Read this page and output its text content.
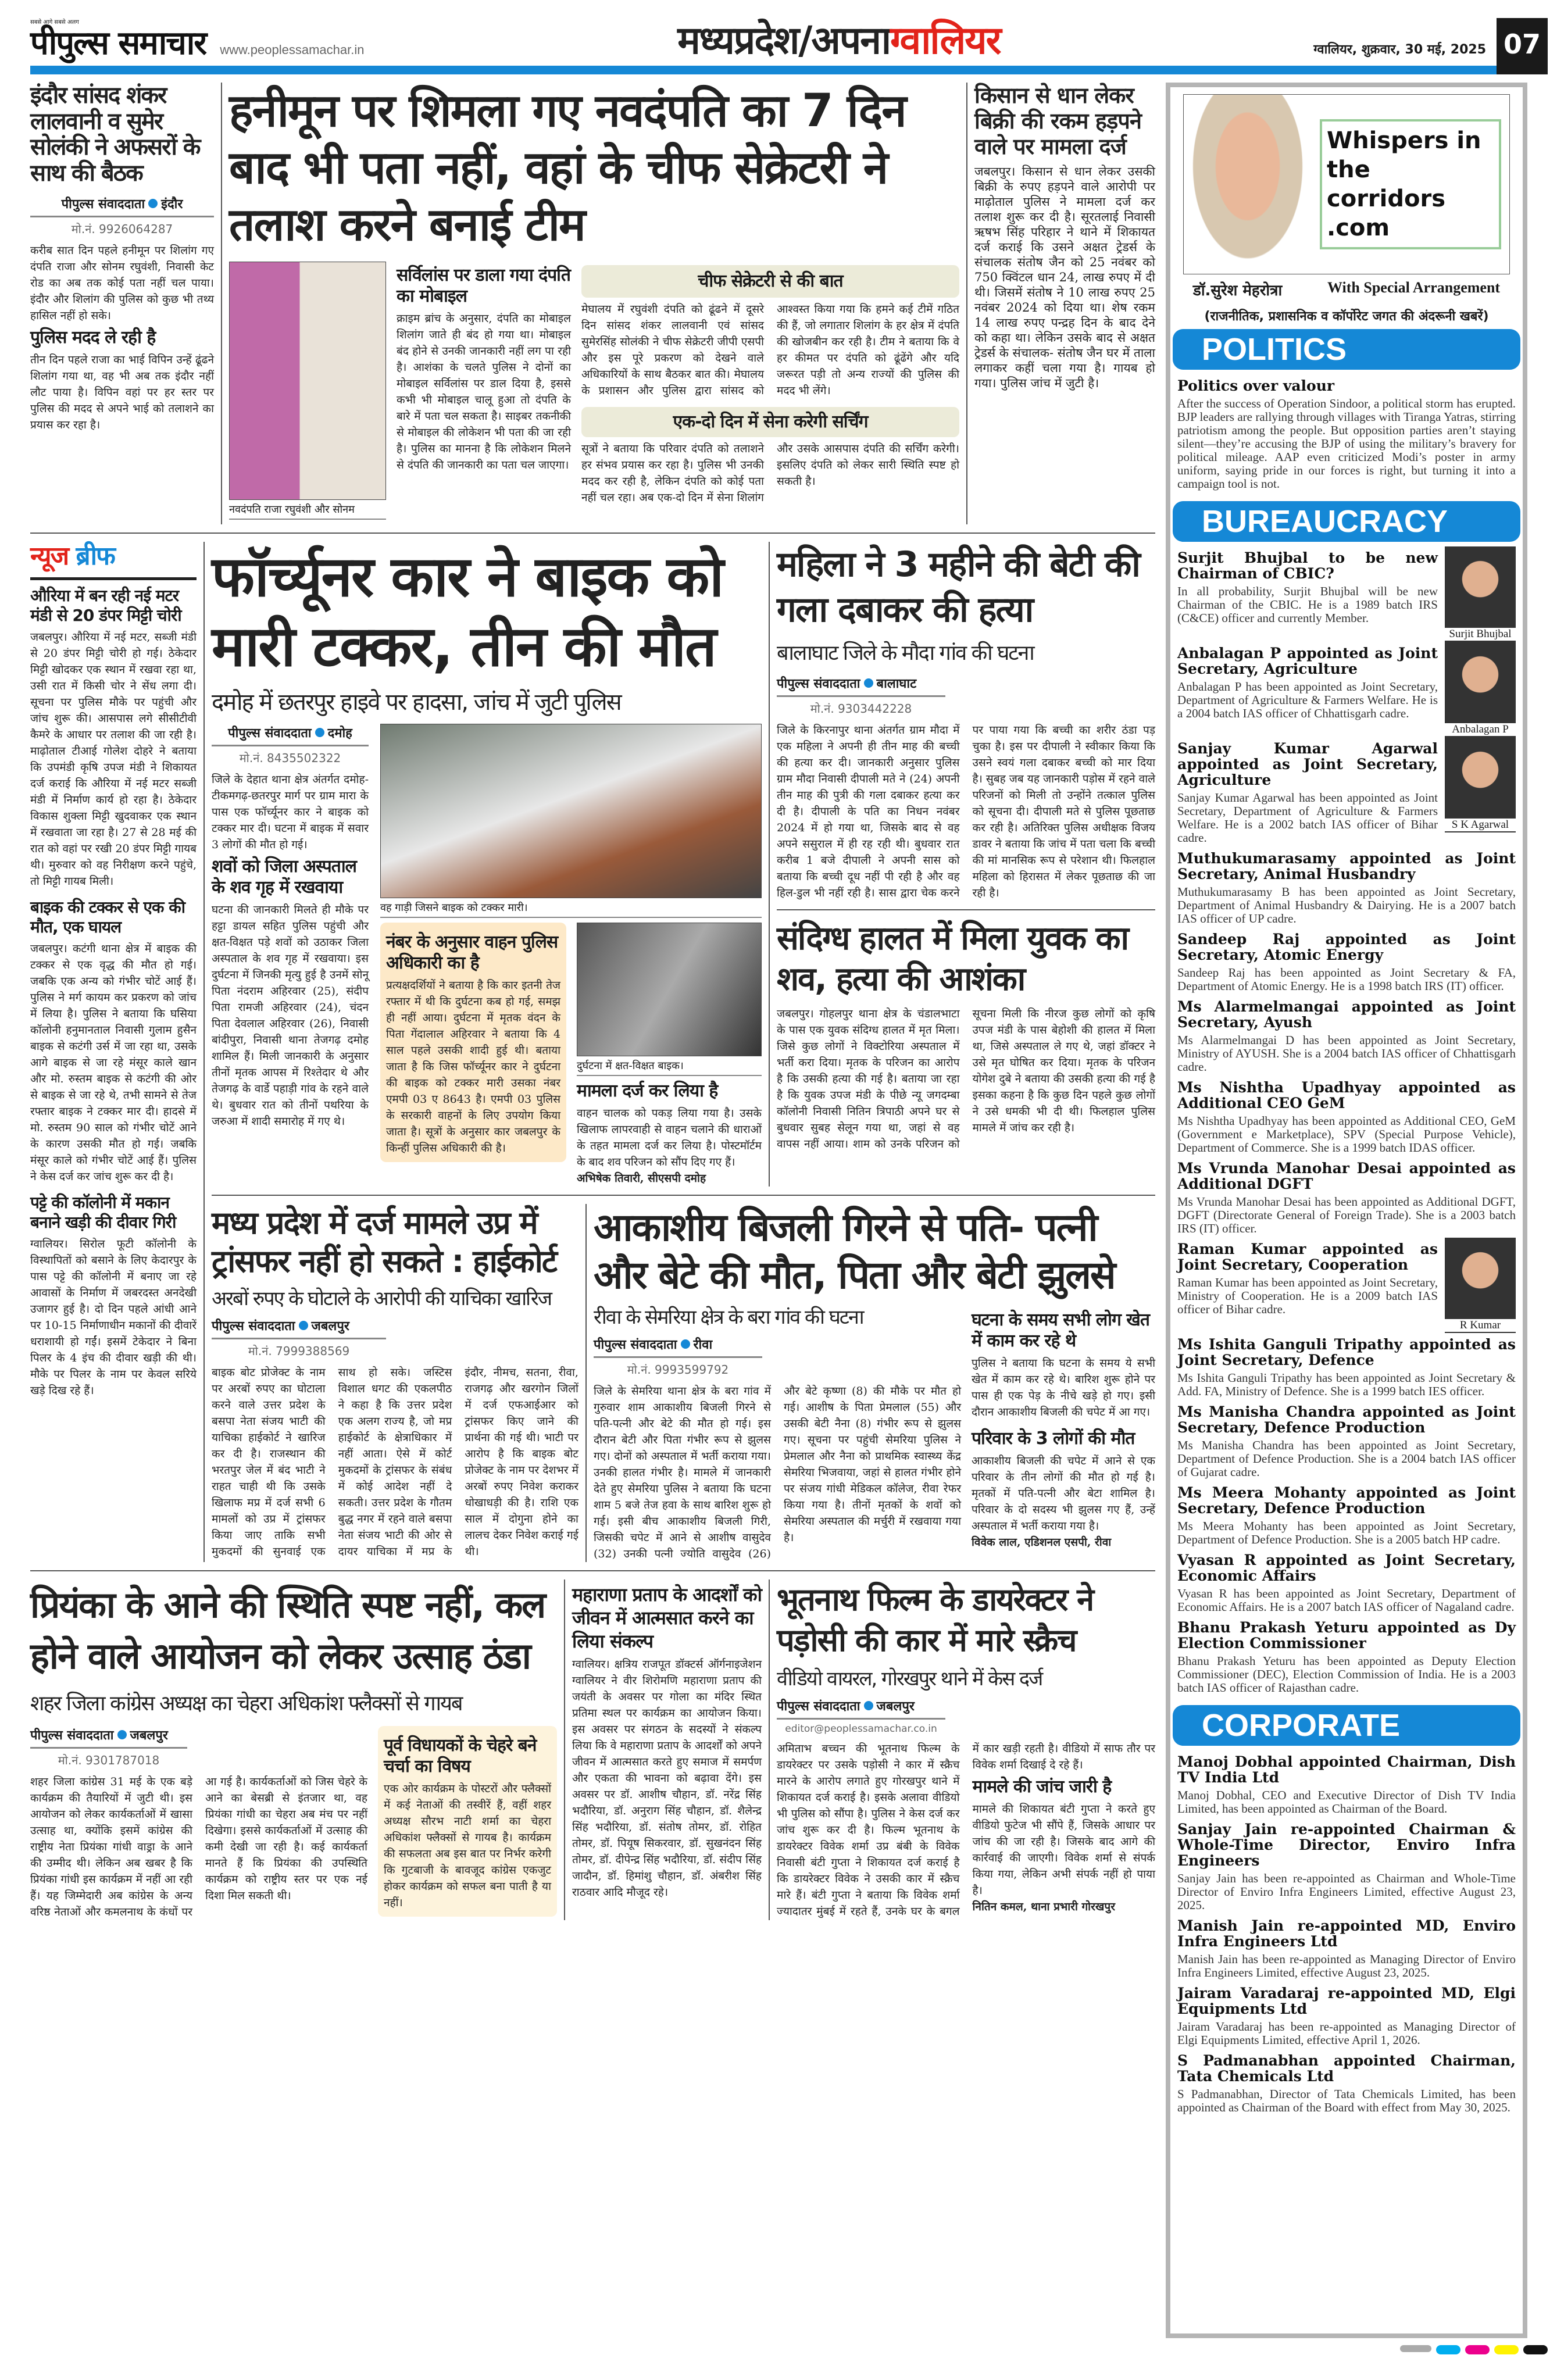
सबसे आगे सबसे अलग
पीपुल्स समाचार www.peoplessamachar.in	मध्यप्रदेश/अपनाग्वालियर	ग्वालियर, शुक्रवार, 30 मई, 2025 07
इंदौर सांसद शंकर लालवानी व सुमेर सोलंकी ने अफसरों के साथ की बैठक
पीपुल्स संवाददाता इंदौर
मो.नं. 9926064287

करीब सात दिन पहले हनीमून पर शिलांग गए दंपति राजा और सोनम रघुवंशी, निवासी केट रोड का अब तक कोई पता नहीं चल पाया। इंदौर और शिलांग की पुलिस को कुछ भी तथ्य हासिल नहीं हो सके।

पुलिस मदद ले रही है

तीन दिन पहले राजा का भाई विपिन उन्हें ढूंढने शिलांग गया था, वह भी अब तक इंदौर नहीं लौट पाया है। विपिन वहां पर हर स्तर पर पुलिस की मदद से अपने भाई को तलाशने का प्रयास कर रहा है।

हनीमून पर शिमला गए नवदंपति का 7 दिन बाद भी पता नहीं, वहां के चीफ सेक्रेटरी ने तलाश करने बनाई टीम
नवदंपति राजा रघुवंशी और सोनम
सर्विलांस पर डाला गया दंपति का मोबाइल

क्राइम ब्रांच के अनुसार, दंपति का मोबाइल शिलांग जाते ही बंद हो गया था। मोबाइल बंद होने से उनकी जानकारी नहीं लग पा रही है। आशंका के चलते पुलिस ने दोनों का मोबाइल सर्विलांस पर डाल दिया है, इससे कभी भी मोबाइल चालू हुआ तो दंपति के बारे में पता चल सकता है। साइबर तकनीकी से मोबाइल की लोकेशन भी पता की जा रही है। पुलिस का मानना है कि लोकेशन मिलने से दंपति की जानकारी का पता चल जाएगा।

चीफ सेक्रेटरी से की बात

मेघालय में रघुवंशी दंपति को ढूंढने में दूसरे दिन सांसद शंकर लालवानी एवं सांसद सुमेरसिंह सोलंकी ने चीफ सेक्रेटरी जीपी एसपी और इस पूरे प्रकरण को देखने वाले अधिकारियों के साथ बैठकर बात की। मेघालय के प्रशासन और पुलिस द्वारा सांसद को आश्वस्त किया गया कि हमने कई टीमें गठित की हैं, जो लगातार शिलांग के हर क्षेत्र में दंपति की खोजबीन कर रही है। टीम ने बताया कि वे हर कीमत पर दंपति को ढूंढेंगे और यदि जरूरत पड़ी तो अन्य राज्यों की पुलिस की मदद भी लेंगे।

एक-दो दिन में सेना करेगी सर्चिंग

सूत्रों ने बताया कि परिवार दंपति को तलाशने हर संभव प्रयास कर रहा है। पुलिस भी उनकी मदद कर रही है, लेकिन दंपति को कोई पता नहीं चल रहा। अब एक-दो दिन में सेना शिलांग और उसके आसपास दंपति की सर्चिंग करेगी। इसलिए दंपति को लेकर सारी स्थिति स्पष्ट हो सकती है।

किसान से धान लेकर बिक्री की रकम हड़पने वाले पर मामला दर्ज

जबलपुर। किसान से धान लेकर उसकी बिक्री के रुपए हड़पने वाले आरोपी पर माढ़ोताल पुलिस ने मामला दर्ज कर तलाश शुरू कर दी है। सूरतलाई निवासी ऋषभ सिंह परिहार ने थाने में शिकायत दर्ज कराई कि उसने अक्षत ट्रेडर्स के संचालक संतोष जैन को 25 नवंबर को 750 क्विंटल धान 24, लाख रुपए में दी थी। जिसमें संतोष ने 10 लाख रुपए 25 नवंबर 2024 को दिया था। शेष रकम 14 लाख रुपए पन्द्रह दिन के बाद देने को कहा था। लेकिन उसके बाद से अक्षत ट्रेडर्स के संचालक- संतोष जैन घर में ताला लगाकर कहीं चला गया है। गायब हो गया। पुलिस जांच में जुटी है।

न्यूज ब्रीफ
औरिया में बन रही नई मटर मंडी से 20 डंपर मिट्टी चोरी

जबलपुर। औरिया में नई मटर, सब्जी मंडी से 20 डंपर मिट्टी चोरी हो गई। ठेकेदार मिट्टी खोदकर एक स्थान में रखवा रहा था, उसी रात में किसी चोर ने सेंध लगा दी। सूचना पर पुलिस मौके पर पहुंची और जांच शुरू की। आसपास लगे सीसीटीवी कैमरे के आधार पर तलाश की जा रही है। माढ़ोताल टीआई गोलेश दोहरे ने बताया कि उपमंडी कृषि उपज मंडी ने शिकायत दर्ज कराई कि औरिया में नई मटर सब्जी मंडी में निर्माण कार्य हो रहा है। ठेकेदार विकास शुक्ला मिट्टी खुदवाकर एक स्थान में रखवाता जा रहा है। 27 से 28 मई की रात को वहां पर रखी 20 डंपर मिट्टी गायब थी। मुरुवार को वह निरीक्षण करने पहुंचे, तो मिट्टी गायब मिली।

बाइक की टक्कर से एक की मौत, एक घायल

जबलपुर। कटंगी थाना क्षेत्र में बाइक की टक्कर से एक वृद्ध की मौत हो गई। जबकि एक अन्य को गंभीर चोटें आई हैं। पुलिस ने मर्ग कायम कर प्रकरण को जांच में लिया है। पुलिस ने बताया कि घसिया कॉलोनी हनुमानताल निवासी गुलाम हुसैन बाइक से कटंगी उर्स में जा रहा था, उसके आगे बाइक से जा रहे मंसूर काले खान और मो. रुस्तम बाइक से कटंगी की ओर से बाइक से जा रहे थे, तभी सामने से तेज रफ्तार बाइक ने टक्कर मार दी। हादसे में मो. रुस्तम 90 साल को गंभीर चोटें आने के कारण उसकी मौत हो गई। जबकि मंसूर काले को गंभीर चोटें आई हैं। पुलिस ने केस दर्ज कर जांच शुरू कर दी है।

पट्टे की कॉलोनी में मकान बनाने खड़ी की दीवार गिरी

ग्वालियर। सिरोल फूटी कॉलोनी के विस्थापितों को बसाने के लिए केदारपुर के पास पट्टे की कॉलोनी में बनाए जा रहे आवासों के निर्माण में जबरदस्त अनदेखी उजागर हुई है। दो दिन पहले आंधी आने पर 10-15 निर्माणाधीन मकानों की दीवारें धराशायी हो गईं। इसमें टेकेदार ने बिना पिलर के 4 इंच की दीवार खड़ी की थी। मौके पर पिलर के नाम पर केवल सरिये खड़े दिख रहे हैं।

फॉर्च्यूनर कार ने बाइक को मारी टक्कर, तीन की मौत
दमोह में छतरपुर हाइवे पर हादसा, जांच में जुटी पुलिस
पीपुल्स संवाददाता दमोह
मो.नं. 8435502322

जिले के देहात थाना क्षेत्र अंतर्गत दमोह- टीकमगढ़-छतरपुर मार्ग पर ग्राम मारा के पास एक फॉर्च्यूनर कार ने बाइक को टक्कर मार दी। घटना में बाइक में सवार 3 लोगों की मौत हो गई।

शवों को जिला अस्पताल के शव गृह में रखवाया

घटना की जानकारी मिलते ही मौके पर हट्टा डायल सहित पुलिस पहुंची और क्षत-विक्षत पड़े शवों को उठाकर जिला अस्पताल के शव गृह में रखवाया। इस दुर्घटना में जिनकी मृत्यु हुई है उनमें सोनू पिता नंदराम अहिरवार (25), संदीप पिता रामजी अहिरवार (24), चंदन पिता देवलाल अहिरवार (26), निवासी बांदीपुरा, निवासी थाना तेजगढ़ दमोह शामिल हैं। मिली जानकारी के अनुसार तीनों मृतक आपस में रिश्तेदार थे और तेजगढ़ के वार्डे पहाड़ी गांव के रहने वाले थे। बुधवार रात को तीनों पथरिया के जरुआ में शादी समारोह में गए थे।

वह गाड़ी जिसने बाइक को टक्कर मारी।
नंबर के अनुसार वाहन पुलिस अधिकारी का है

प्रत्यक्षदर्शियों ने बताया है कि कार इतनी तेज रफ्तार में थी कि दुर्घटना कब हो गई, समझ ही नहीं आया। दुर्घटना में मृतक वंदन के पिता गेंदालाल अहिरवार ने बताया कि 4 साल पहले उसकी शादी हुई थी। बताया जाता है कि जिस फॉर्च्यूनर कार ने दुर्घटना की बाइक को टक्कर मारी उसका नंबर एमपी 03 ए 8643 है। एमपी 03 पुलिस के सरकारी वाहनों के लिए उपयोग किया जाता है। सूत्रों के अनुसार कार जबलपुर के किन्हीं पुलिस अधिकारी की है।

दुर्घटना में क्षत-विक्षत बाइक।
मामला दर्ज कर लिया है

वाहन चालक को पकड़ लिया गया है। उसके खिलाफ लापरवाही से वाहन चलाने की धाराओं के तहत मामला दर्ज कर लिया है। पोस्टमॉर्टम के बाद शव परिजन को सौंप दिए गए हैं।

अभिषेक तिवारी, सीएसपी दमोह

महिला ने 3 महीने की बेटी की गला दबाकर की हत्या
बालाघाट जिले के मौदा गांव की घटना
पीपुल्स संवाददाता बालाघाट
मो.नं. 9303442228

जिले के किरनापुर थाना अंतर्गत ग्राम मौदा में एक महिला ने अपनी ही तीन माह की बच्ची की हत्या कर दी। जानकारी अनुसार पुलिस ग्राम मौदा निवासी दीपाली मते ने (24) अपनी तीन माह की पुत्री की गला दबाकर हत्या कर दी है। दीपाली के पति का निधन नवंबर 2024 में हो गया था, जिसके बाद से वह अपने ससुराल में ही रह रही थी। बुधवार रात करीब 1 बजे दीपाली ने अपनी सास को बताया कि बच्ची दूध नहीं पी रही है और वह हिल-डुल भी नहीं रही है। सास द्वारा चेक करने पर पाया गया कि बच्ची का शरीर ठंडा पड़ चुका है। इस पर दीपाली ने स्वीकार किया कि उसने स्वयं गला दबाकर बच्ची को मार दिया है। सुबह जब यह जानकारी पड़ोस में रहने वाले परिजनों को मिली तो उन्होंने तत्काल पुलिस को सूचना दी। दीपाली मते से पुलिस पूछताछ कर रही है। अतिरिक्त पुलिस अधीक्षक विजय डावर ने बताया कि जांच में पता चला कि बच्ची की मां मानसिक रूप से परेशान थी। फिलहाल महिला को हिरासत में लेकर पूछताछ की जा रही है।

संदिग्ध हालत में मिला युवक का शव, हत्या की आशंका

जबलपुर। गोहलपुर थाना क्षेत्र के चंडालभाटा के पास एक युवक संदिग्ध हालत में मृत मिला। जिसे कुछ लोगों ने विक्टोरिया अस्पताल में भर्ती करा दिया। मृतक के परिजन का आरोप है कि उसकी हत्या की गई है। बताया जा रहा है कि युवक उपज मंडी के पीछे न्यू जगदम्बा कॉलोनी निवासी नितिन त्रिपाठी अपने घर से बुधवार सुबह सेलून गया था, जहां से वह वापस नहीं आया। शाम को उनके परिजन को सूचना मिली कि नीरज कुछ लोगों को कृषि उपज मंडी के पास बेहोशी की हालत में मिला था, जिसे अस्पताल ले गए थे, जहां डॉक्टर ने उसे मृत घोषित कर दिया। मृतक के परिजन योगेश दुबे ने बताया की उसकी हत्या की गई है इसका कहना है कि कुछ दिन पहले कुछ लोगों ने उसे धमकी भी दी थी। फिलहाल पुलिस मामले में जांच कर रही है।

मध्य प्रदेश में दर्ज मामले उप्र में ट्रांसफर नहीं हो सकते : हाईकोर्ट
अरबों रुपए के घोटाले के आरोपी की याचिका खारिज
पीपुल्स संवाददाता जबलपुर
मो.नं. 7999388569

बाइक बोट प्रोजेक्ट के नाम पर अरबों रुपए का घोटाला करने वाले उत्तर प्रदेश के बसपा नेता संजय भाटी की याचिका हाईकोर्ट ने खारिज कर दी है। राजस्थान की भरतपुर जेल में बंद भाटी ने राहत चाही थी कि उसके खिलाफ मप्र में दर्ज सभी 6 मामलों को उप्र में ट्रांसफर किया जाए ताकि सभी मुकदमों की सुनवाई एक साथ हो सके। जस्टिस विशाल धगट की एकलपीठ ने कहा है कि उत्तर प्रदेश एक अलग राज्य है, जो मप्र हाईकोर्ट के क्षेत्राधिकार में नहीं आता। ऐसे में कोर्ट मुकदमों के ट्रांसफर के संबंध में कोई आदेश नहीं दे सकती। उत्तर प्रदेश के गौतम बुद्ध नगर में रहने वाले बसपा नेता संजय भाटी की ओर से दायर याचिका में मप्र के इंदौर, नीमच, सतना, रीवा, राजगढ़ और खरगोन जिलों में दर्ज एफआईआर को ट्रांसफर किए जाने की प्रार्थना की गई थी। भाटी पर आरोप है कि बाइक बोट प्रोजेक्ट के नाम पर देशभर में अरबों रुपए निवेश कराकर धोखाधड़ी की है। राशि एक साल में दोगुना होने का लालच देकर निवेश कराई गई थी।

आकाशीय बिजली गिरने से पति- पत्नी और बेटे की मौत, पिता और बेटी झुलसे
रीवा के सेमरिया क्षेत्र के बरा गांव की घटना
पीपुल्स संवाददाता रीवा
मो.नं. 9993599792

जिले के सेमरिया थाना क्षेत्र के बरा गांव में गुरुवार शाम आकाशीय बिजली गिरने से पति-पत्नी और बेटे की मौत हो गई। इस दौरान बेटी और पिता गंभीर रूप से झुलस गए। दोनों को अस्पताल में भर्ती कराया गया। उनकी हालत गंभीर है। मामले में जानकारी देते हुए सेमरिया पुलिस ने बताया कि घटना शाम 5 बजे तेज हवा के साथ बारिश शुरू हो गई। इसी बीच आकाशीय बिजली गिरी, जिसकी चपेट में आने से आशीष वासुदेव (32) उनकी पत्नी ज्योति वासुदेव (26) और बेटे कृष्णा (8) की मौके पर मौत हो गई। आशीष के पिता प्रेमलाल (55) और उसकी बेटी नैना (8) गंभीर रूप से झुलस गए। सूचना पर पहुंची सेमरिया पुलिस ने प्रेमलाल और नैना को प्राथमिक स्वास्थ्य केंद्र सेमरिया भिजवाया, जहां से हालत गंभीर होने पर संजय गांधी मेडिकल कॉलेज, रीवा रेफर किया गया है। तीनों मृतकों के शवों को सेमरिया अस्पताल की मर्चुरी में रखवाया गया है।

घटना के समय सभी लोग खेत में काम कर रहे थे

पुलिस ने बताया कि घटना के समय ये सभी खेत में काम कर रहे थे। बारिश शुरू होने पर पास ही एक पेड़ के नीचे खड़े हो गए। इसी दौरान आकाशीय बिजली की चपेट में आ गए।

परिवार के 3 लोगों की मौत

आकाशीय बिजली की चपेट में आने से एक परिवार के तीन लोगों की मौत हो गई है। मृतकों में पति-पत्नी और बेटा शामिल है। परिवार के दो सदस्य भी झुलस गए हैं, उन्हें अस्पताल में भर्ती कराया गया है।

विवेक लाल, एडिशनल एसपी, रीवा

प्रियंका के आने की स्थिति स्पष्ट नहीं, कल होने वाले आयोजन को लेकर उत्साह ठंडा
शहर जिला कांग्रेस अध्यक्ष का चेहरा अधिकांश फ्लैक्सों से गायब
पीपुल्स संवाददाता जबलपुर
मो.नं. 9301787018

शहर जिला कांग्रेस 31 मई के एक बड़े कार्यक्रम की तैयारियों में जुटी थी। इस आयोजन को लेकर कार्यकर्ताओं में खासा उत्साह था, क्योंकि इसमें कांग्रेस की राष्ट्रीय नेता प्रियंका गांधी वाड्रा के आने की उम्मीद थी। लेकिन अब खबर है कि प्रियंका गांधी इस कार्यक्रम में नहीं आ रही हैं। यह जिम्मेदारी अब कांग्रेस के अन्य वरिष्ठ नेताओं और कमलनाथ के कंधों पर आ गई है। कार्यकर्ताओं को जिस चेहरे के आने का बेसब्री से इंतजार था, वह प्रियंका गांधी का चेहरा अब मंच पर नहीं दिखेगा। इससे कार्यकर्ताओं में उत्साह की कमी देखी जा रही है। कई कार्यकर्ता मानते हैं कि प्रियंका की उपस्थिति कार्यक्रम को राष्ट्रीय स्तर पर एक नई दिशा मिल सकती थी।

पूर्व विधायकों के चेहरे बने चर्चा का विषय

एक ओर कार्यक्रम के पोस्टरों और फ्लैक्सों में कई नेताओं की तस्वीरें हैं, वहीं शहर अध्यक्ष सौरभ नाटी शर्मा का चेहरा अधिकांश फ्लैक्सों से गायब है। कार्यक्रम की सफलता अब इस बात पर निर्भर करेगी कि गुटबाजी के बावजूद कांग्रेस एकजुट होकर कार्यक्रम को सफल बना पाती है या नहीं।

महाराणा प्रताप के आदर्शों को जीवन में आत्मसात करने का लिया संकल्प

ग्वालियर। क्षत्रिय राजपूत डॉक्टर्स ऑर्गनाइजेशन ग्वालियर ने वीर शिरोमणि महाराणा प्रताप की जयंती के अवसर पर गोला का मंदिर स्थित प्रतिमा स्थल पर कार्यक्रम का आयोजन किया। इस अवसर पर संगठन के सदस्यों ने संकल्प लिया कि वे महाराणा प्रताप के आदर्शों को अपने जीवन में आत्मसात करते हुए समाज में समर्पण और एकता की भावना को बढ़ावा देंगे। इस अवसर पर डॉ. आशीष चौहान, डॉ. नरेंद्र सिंह भदौरिया, डॉ. अनुराग सिंह चौहान, डॉ. शैलेन्द्र सिंह भदौरिया, डॉ. संतोष तोमर, डॉ. रोहित तोमर, डॉ. पियूष सिकरवार, डॉ. सुखनंदन सिंह तोमर, डॉ. दीपेन्द्र सिंह भदौरिया, डॉ. संदीप सिंह जादौन, डॉ. हिमांशु चौहान, डॉ. अंबरीश सिंह राठवार आदि मौजूद रहे।

भूतनाथ फिल्म के डायरेक्टर ने पड़ोसी की कार में मारे स्क्रैच
वीडियो वायरल, गोरखपुर थाने में केस दर्ज
पीपुल्स संवाददाता जबलपुर
editor@peoplessamachar.co.in

अमिताभ बच्चन की भूतनाथ फिल्म के डायरेक्टर पर उसके पड़ोसी ने कार में स्क्रैच मारने के आरोप लगाते हुए गोरखपुर थाने में शिकायत दर्ज कराई है। इसके अलावा वीडियो भी पुलिस को सौंपा है। पुलिस ने केस दर्ज कर जांच शुरू कर दी है। फिल्म भूतनाथ के डायरेक्टर विवेक शर्मा उप्र बंबी के विवेक निवासी बंटी गुप्ता ने शिकायत दर्ज कराई है कि डायरेक्टर विवेक ने उसकी कार में स्क्रैच मारे हैं। बंटी गुप्ता ने बताया कि विवेक शर्मा ज्यादातर मुंबई में रहते हैं, उनके घर के बगल में कार खड़ी रहती है। वीडियो में साफ तौर पर विवेक शर्मा दिखाई दे रहे हैं।

मामले की जांच जारी है

मामले की शिकायत बंटी गुप्ता ने करते हुए वीडियो फुटेज भी सौंपे हैं, जिसके आधार पर जांच की जा रही है। जिसके बाद आगे की कार्रवाई की जाएगी। विवेक शर्मा से संपर्क किया गया, लेकिन अभी संपर्क नहीं हो पाया है।

नितिन कमल, थाना प्रभारी गोरखपुर

Whispers in the corridors .com
डॉ.सुरेश मेहरोत्रा	With Special Arrangement
(राजनीतिक, प्रशासनिक व कॉर्पोरेट जगत की अंदरूनी खबरें)
POLITICS
Politics over valour
After the success of Operation Sindoor, a political storm has erupted. BJP leaders are rallying through villages with Tiranga Yatras, stirring patriotism among the people. But opposition parties aren’t staying silent—they’re accusing the BJP of using the military’s bravery for political mileage. AAP even criticized Modi’s poster in army uniform, saying pride in our forces is right, but turning it into a campaign tool is not.
BUREAUCRACY
Surjit Bhujbal
Surjit Bhujbal to be new Chairman of CBIC?
In all probability, Surjit Bhujbal will be new Chairman of the CBIC. He is a 1989 batch IRS (C&CE) officer and currently Member.
Anbalagan P
Anbalagan P appointed as Joint Secretary, Agriculture
Anbalagan P has been appointed as Joint Secretary, Department of Agriculture & Farmers Welfare. He is a 2004 batch IAS officer of Chhattisgarh cadre.
S K Agarwal
Sanjay Kumar Agarwal appointed as Joint Secretary, Agriculture
Sanjay Kumar Agarwal has been appointed as Joint Secretary, Department of Agriculture & Farmers Welfare. He is a 2002 batch IAS officer of Bihar cadre.
Muthukumarasamy appointed as Joint Secretary, Animal Husbandry
Muthukumarasamy B has been appointed as Joint Secretary, Department of Animal Husbandry & Dairying. He is a 2007 batch IAS officer of UP cadre.
Sandeep Raj appointed as Joint Secretary, Atomic Energy
Sandeep Raj has been appointed as Joint Secretary & FA, Department of Atomic Energy. He is a 1998 batch IRS (IT) officer.
Ms Alarmelmangai appointed as Joint Secretary, Ayush
Ms Alarmelmangai D has been appointed as Joint Secretary, Ministry of AYUSH. She is a 2004 batch IAS officer of Chhattisgarh cadre.
Ms Nishtha Upadhyay appointed as Additional CEO GeM
Ms Nishtha Upadhyay has been appointed as Additional CEO, GeM (Government e Marketplace), SPV (Special Purpose Vehicle), Department of Commerce. She is a 1999 batch IDAS officer.
Ms Vrunda Manohar Desai appointed as Additional DGFT
Ms Vrunda Manohar Desai has been appointed as Additional DGFT, DGFT (Directorate General of Foreign Trade). She is a 2003 batch IRS (IT) officer.
R Kumar
Raman Kumar appointed as Joint Secretary, Cooperation
Raman Kumar has been appointed as Joint Secretary, Ministry of Cooperation. He is a 2009 batch IAS officer of Bihar cadre.
Ms Ishita Ganguli Tripathy appointed as Joint Secretary, Defence
Ms Ishita Ganguli Tripathy has been appointed as Joint Secretary & Add. FA, Ministry of Defence. She is a 1999 batch IES officer.
Ms Manisha Chandra appointed as Joint Secretary, Defence Production
Ms Manisha Chandra has been appointed as Joint Secretary, Department of Defence Production. She is a 2004 batch IAS officer of Gujarat cadre.
Ms Meera Mohanty appointed as Joint Secretary, Defence Production
Ms Meera Mohanty has been appointed as Joint Secretary, Department of Defence Production. She is a 2005 batch HP cadre.
Vyasan R appointed as Joint Secretary, Economic Affairs
Vyasan R has been appointed as Joint Secretary, Department of Economic Affairs. He is a 2007 batch IAS officer of Nagaland cadre.
Bhanu Prakash Yeturu appointed as Dy Election Commissioner
Bhanu Prakash Yeturu has been appointed as Deputy Election Commissioner (DEC), Election Commission of India. He is a 2003 batch IAS officer of Rajasthan cadre.
CORPORATE
Manoj Dobhal appointed Chairman, Dish TV India Ltd
Manoj Dobhal, CEO and Executive Director of Dish TV India Limited, has been appointed as Chairman of the Board.
Sanjay Jain re-appointed Chairman & Whole-Time Director, Enviro Infra Engineers
Sanjay Jain has been re-appointed as Chairman and Whole-Time Director of Enviro Infra Engineers Limited, effective August 23, 2025.
Manish Jain re-appointed MD, Enviro Infra Engineers Ltd
Manish Jain has been re-appointed as Managing Director of Enviro Infra Engineers Limited, effective August 23, 2025.
Jairam Varadaraj re-appointed MD, Elgi Equipments Ltd
Jairam Varadaraj has been re-appointed as Managing Director of Elgi Equipments Limited, effective April 1, 2026.
S Padmanabhan appointed Chairman, Tata Chemicals Ltd
S Padmanabhan, Director of Tata Chemicals Limited, has been appointed as Chairman of the Board with effect from May 30, 2025.
